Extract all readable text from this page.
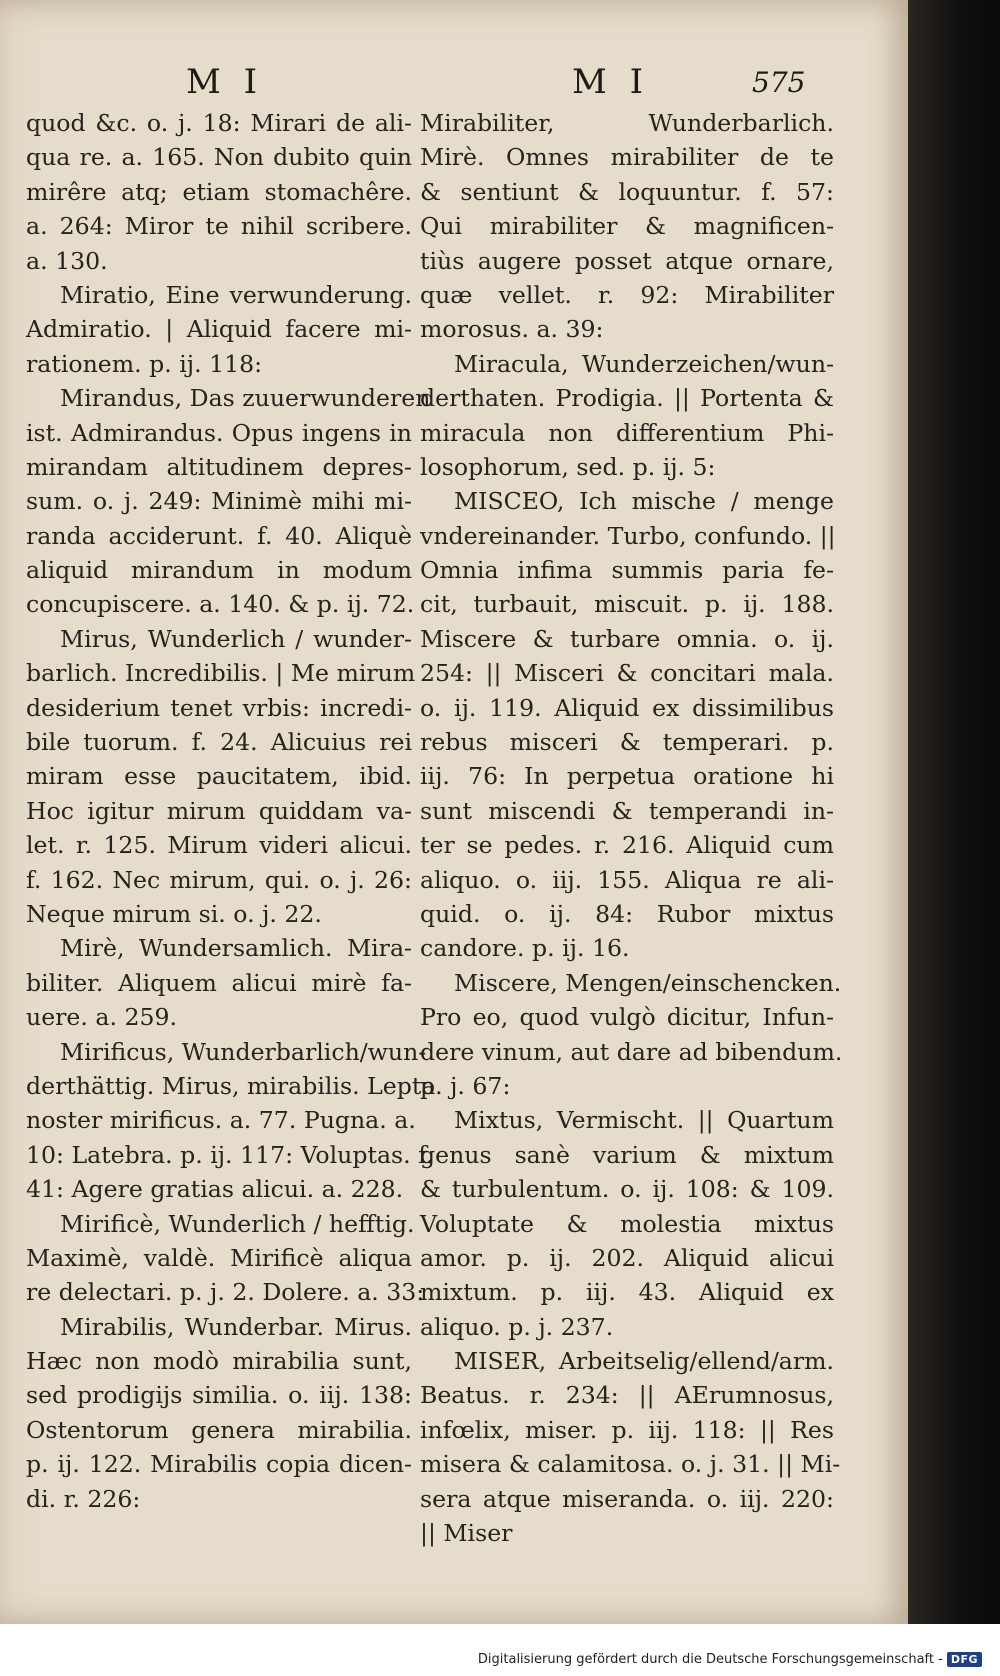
M I	M I	575
quod &c. o. j. 18: Mirari de ali-
qua re. a. 165. Non dubito quin
mirêre atq; etiam stomachêre.
a. 264: Miror te nihil scribere.
a. 130.
Miratio, Eine verwunderung.
Admiratio. | Aliquid facere mi-
rationem. p. ij. 118:
Mirandus, Das zuuerwunderen
ist. Admirandus. Opus ingens in
mirandam altitudinem depres-
sum. o. j. 249: Minimè mihi mi-
randa acciderunt. f. 40. Aliquè
aliquid mirandum in modum
concupiscere. a. 140. & p. ij. 72.
Mirus, Wunderlich / wunder-
barlich. Incredibilis. | Me mirum
desiderium tenet vrbis: incredi-
bile tuorum. f. 24. Alicuius rei
miram esse paucitatem, ibid.
Hoc igitur mirum quiddam va-
let. r. 125. Mirum videri alicui.
f. 162. Nec mirum, qui. o. j. 26:
Neque mirum si. o. j. 22.
Mirè, Wundersamlich. Mira-
biliter. Aliquem alicui mirè fa-
uere. a. 259.
Mirificus, Wunderbarlich/wun-
derthättig. Mirus, mirabilis. Lepta
noster mirificus. a. 77. Pugna. a.
10: Latebra. p. ij. 117: Voluptas. f.
41: Agere gratias alicui. a. 228.
Mirificè, Wunderlich / hefftig.
Maximè, valdè. Mirificè aliqua
re delectari. p. j. 2. Dolere. a. 33:
Mirabilis, Wunderbar. Mirus.
Hæc non modò mirabilia sunt,
sed prodigijs similia. o. iij. 138:
Ostentorum genera mirabilia.
p. ij. 122. Mirabilis copia dicen-
di. r. 226:
Mirabiliter, Wunderbarlich.
Mirè. Omnes mirabiliter de te
& sentiunt & loquuntur. f. 57:
Qui mirabiliter & magnificen-
tiùs augere posset atque ornare,
quæ vellet. r. 92: Mirabiliter
morosus. a. 39:
Miracula, Wunderzeichen/wun-
derthaten. Prodigia. || Portenta &
miracula non differentium Phi-
losophorum, sed. p. ij. 5:
MISCEO, Ich mische / menge
vndereinander. Turbo, confundo. ||
Omnia infima summis paria fe-
cit, turbauit, miscuit. p. ij. 188.
Miscere & turbare omnia. o. ij.
254: || Misceri & concitari mala.
o. ij. 119. Aliquid ex dissimilibus
rebus misceri & temperari. p.
iij. 76: In perpetua oratione hi
sunt miscendi & temperandi in-
ter se pedes. r. 216. Aliquid cum
aliquo. o. iij. 155. Aliqua re ali-
quid. o. ij. 84: Rubor mixtus
candore. p. ij. 16.
Miscere, Mengen/einschencken.
Pro eo, quod vulgò dicitur, Infun-
dere vinum, aut dare ad bibendum.
p. j. 67:
Mixtus, Vermischt. || Quartum
genus sanè varium & mixtum
& turbulentum. o. ij. 108: & 109.
Voluptate & molestia mixtus
amor. p. ij. 202. Aliquid alicui
mixtum. p. iij. 43. Aliquid ex
aliquo. p. j. 237.
MISER, Arbeitselig/ellend/arm.
Beatus. r. 234: || AErumnosus,
infœlix, miser. p. iij. 118: || Res
misera & calamitosa. o. j. 31. || Mi-
sera atque miseranda. o. iij. 220:
|| Miser
Digitalisierung gefördert durch die Deutsche Forschungsgemeinschaft - DFG
